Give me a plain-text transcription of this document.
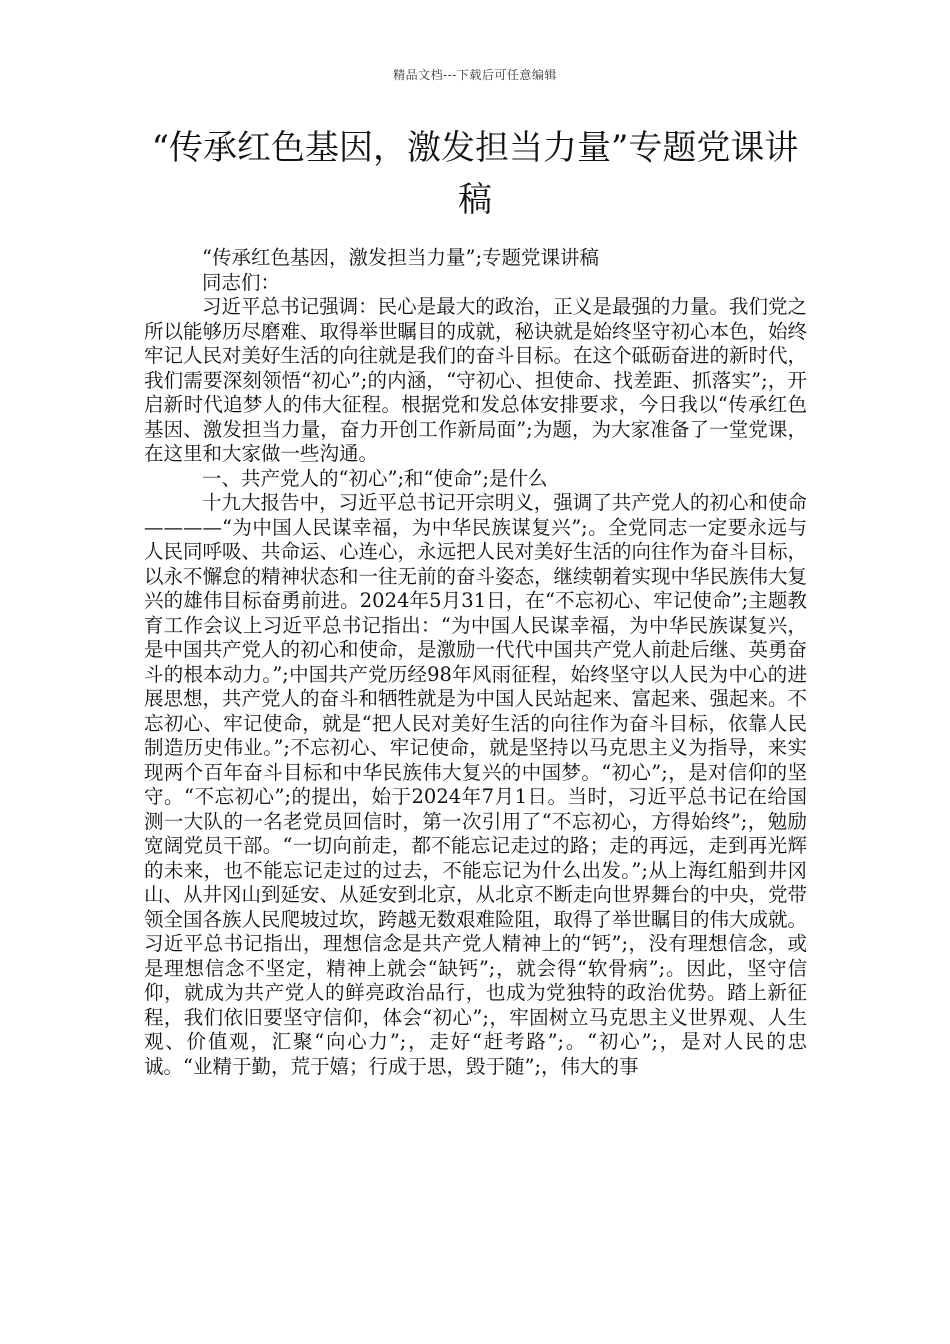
精品文档---下载后可任意编辑
“传承红色基因，激发担当力量”专题党课讲稿

“传承红色基因，激发担当力量”;专题党课讲稿

同志们：

习近平总书记强调：民心是最大的政治，正义是最强的力量。我们党之所以能够历尽磨难、取得举世瞩目的成就，秘诀就是始终坚守初心本色，始终牢记人民对美好生活的向往就是我们的奋斗目标。在这个砥砺奋进的新时代，我们需要深刻领悟“初心”;的内涵，“守初心、担使命、找差距、抓落实”;，开启新时代追梦人的伟大征程。根据党和发总体安排要求，今日我以“传承红色基因、激发担当力量，奋力开创工作新局面”;为题，为大家准备了一堂党课，在这里和大家做一些沟通。

一、共产党人的“初心”;和“使命”;是什么

十九大报告中，习近平总书记开宗明义，强调了共产党人的初心和使命————“为中国人民谋幸福，为中华民族谋复兴”;。全党同志一定要永远与人民同呼吸、共命运、心连心，永远把人民对美好生活的向往作为奋斗目标，以永不懈怠的精神状态和一往无前的奋斗姿态，继续朝着实现中华民族伟大复兴的雄伟目标奋勇前进。2024年5月31日，在“不忘初心、牢记使命”;主题教育工作会议上习近平总书记指出：“为中国人民谋幸福，为中华民族谋复兴，是中国共产党人的初心和使命，是激励一代代中国共产党人前赴后继、英勇奋斗的根本动力。”;中国共产党历经98年风雨征程，始终坚守以人民为中心的进展思想，共产党人的奋斗和牺牲就是为中国人民站起来、富起来、强起来。不忘初心、牢记使命，就是“把人民对美好生活的向往作为奋斗目标，依靠人民制造历史伟业。”;不忘初心、牢记使命，就是坚持以马克思主义为指导，来实现两个百年奋斗目标和中华民族伟大复兴的中国梦。“初心”;，是对信仰的坚守。“不忘初心”;的提出，始于2024年7月1日。当时，习近平总书记在给国测一大队的一名老党员回信时，第一次引用了“不忘初心，方得始终”;，勉励宽阔党员干部。“一切向前走，都不能忘记走过的路；走的再远，走到再光辉的未来，也不能忘记走过的过去，不能忘记为什么出发。”;从上海红船到井冈山、从井冈山到延安、从延安到北京，从北京不断走向世界舞台的中央，党带领全国各族人民爬坡过坎，跨越无数艰难险阻，取得了举世瞩目的伟大成就。习近平总书记指出，理想信念是共产党人精神上的“钙”;，没有理想信念，或是理想信念不坚定，精神上就会“缺钙”;，就会得“软骨病”;。因此，坚守信仰，就成为共产党人的鲜亮政治品行，也成为党独特的政治优势。踏上新征程，我们依旧要坚守信仰，体会“初心”;，牢固树立马克思主义世界观、人生观、价值观，汇聚“向心力”;，走好“赶考路”;。“初心”;，是对人民的忠诚。“业精于勤，荒于嬉；行成于思，毁于随”;，伟大的事
